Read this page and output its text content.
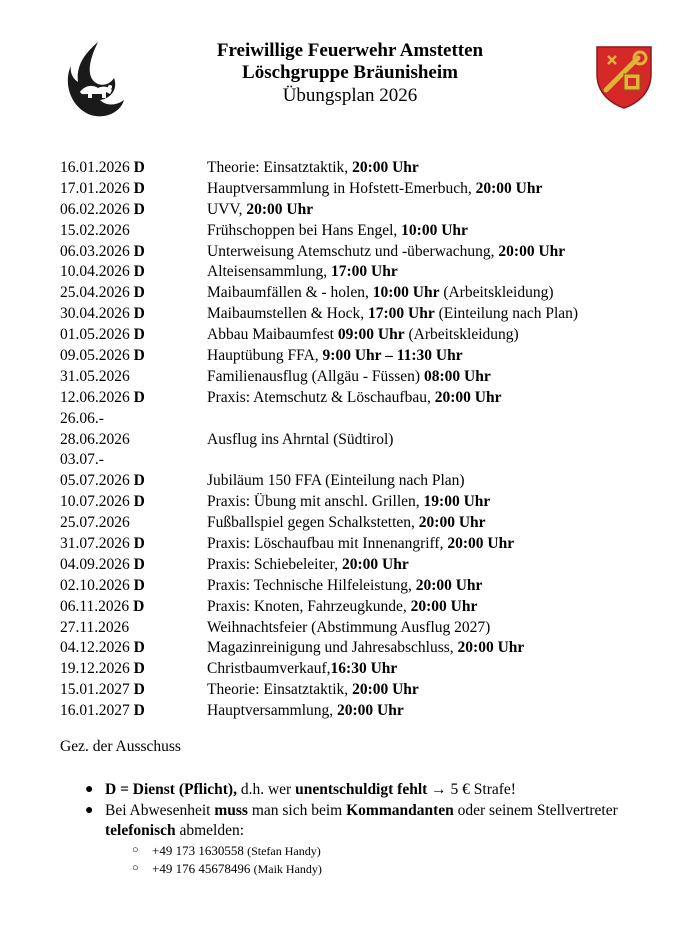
Freiwillige Feuerwehr Amstetten
Löschgruppe Bräunisheim
Übungsplan 2026
16.01.2026 D	Theorie: Einsatztaktik, 20:00 Uhr
17.01.2026 D	Hauptversammlung in Hofstett-Emerbuch, 20:00 Uhr
06.02.2026 D	UVV, 20:00 Uhr
15.02.2026	Frühschoppen bei Hans Engel, 10:00 Uhr
06.03.2026 D	Unterweisung Atemschutz und -überwachung, 20:00 Uhr
10.04.2026 D	Alteisensammlung, 17:00 Uhr
25.04.2026 D	Maibaumfällen & - holen, 10:00 Uhr (Arbeitskleidung)
30.04.2026 D	Maibaumstellen & Hock, 17:00 Uhr (Einteilung nach Plan)
01.05.2026 D	Abbau Maibaumfest 09:00 Uhr (Arbeitskleidung)
09.05.2026 D	Hauptübung FFA, 9:00 Uhr – 11:30 Uhr
31.05.2026	Familienausflug (Allgäu - Füssen) 08:00 Uhr
12.06.2026 D	Praxis: Atemschutz & Löschaufbau, 20:00 Uhr
26.06.-
28.06.2026	Ausflug ins Ahrntal (Südtirol)
03.07.-
05.07.2026 D	Jubiläum 150 FFA (Einteilung nach Plan)
10.07.2026 D	Praxis: Übung mit anschl. Grillen, 19:00 Uhr
25.07.2026	Fußballspiel gegen Schalkstetten, 20:00 Uhr
31.07.2026 D	Praxis: Löschaufbau mit Innenangriff, 20:00 Uhr
04.09.2026 D	Praxis: Schiebeleiter, 20:00 Uhr
02.10.2026 D	Praxis: Technische Hilfeleistung, 20:00 Uhr
06.11.2026 D	Praxis: Knoten, Fahrzeugkunde, 20:00 Uhr
27.11.2026	Weihnachtsfeier (Abstimmung Ausflug 2027)
04.12.2026 D	Magazinreinigung und Jahresabschluss, 20:00 Uhr
19.12.2026 D	Christbaumverkauf,16:30 Uhr
15.01.2027 D	Theorie: Einsatztaktik, 20:00 Uhr
16.01.2027 D	Hauptversammlung, 20:00 Uhr
Gez. der Ausschuss
● D = Dienst (Pflicht), d.h. wer unentschuldigt fehlt → 5 € Strafe!
● Bei Abwesenheit muss man sich beim Kommandanten oder seinem Stellvertreter telefonisch abmelden:
○ +49 173 1630558 (Stefan Handy)
○ +49 176 45678496 (Maik Handy)
